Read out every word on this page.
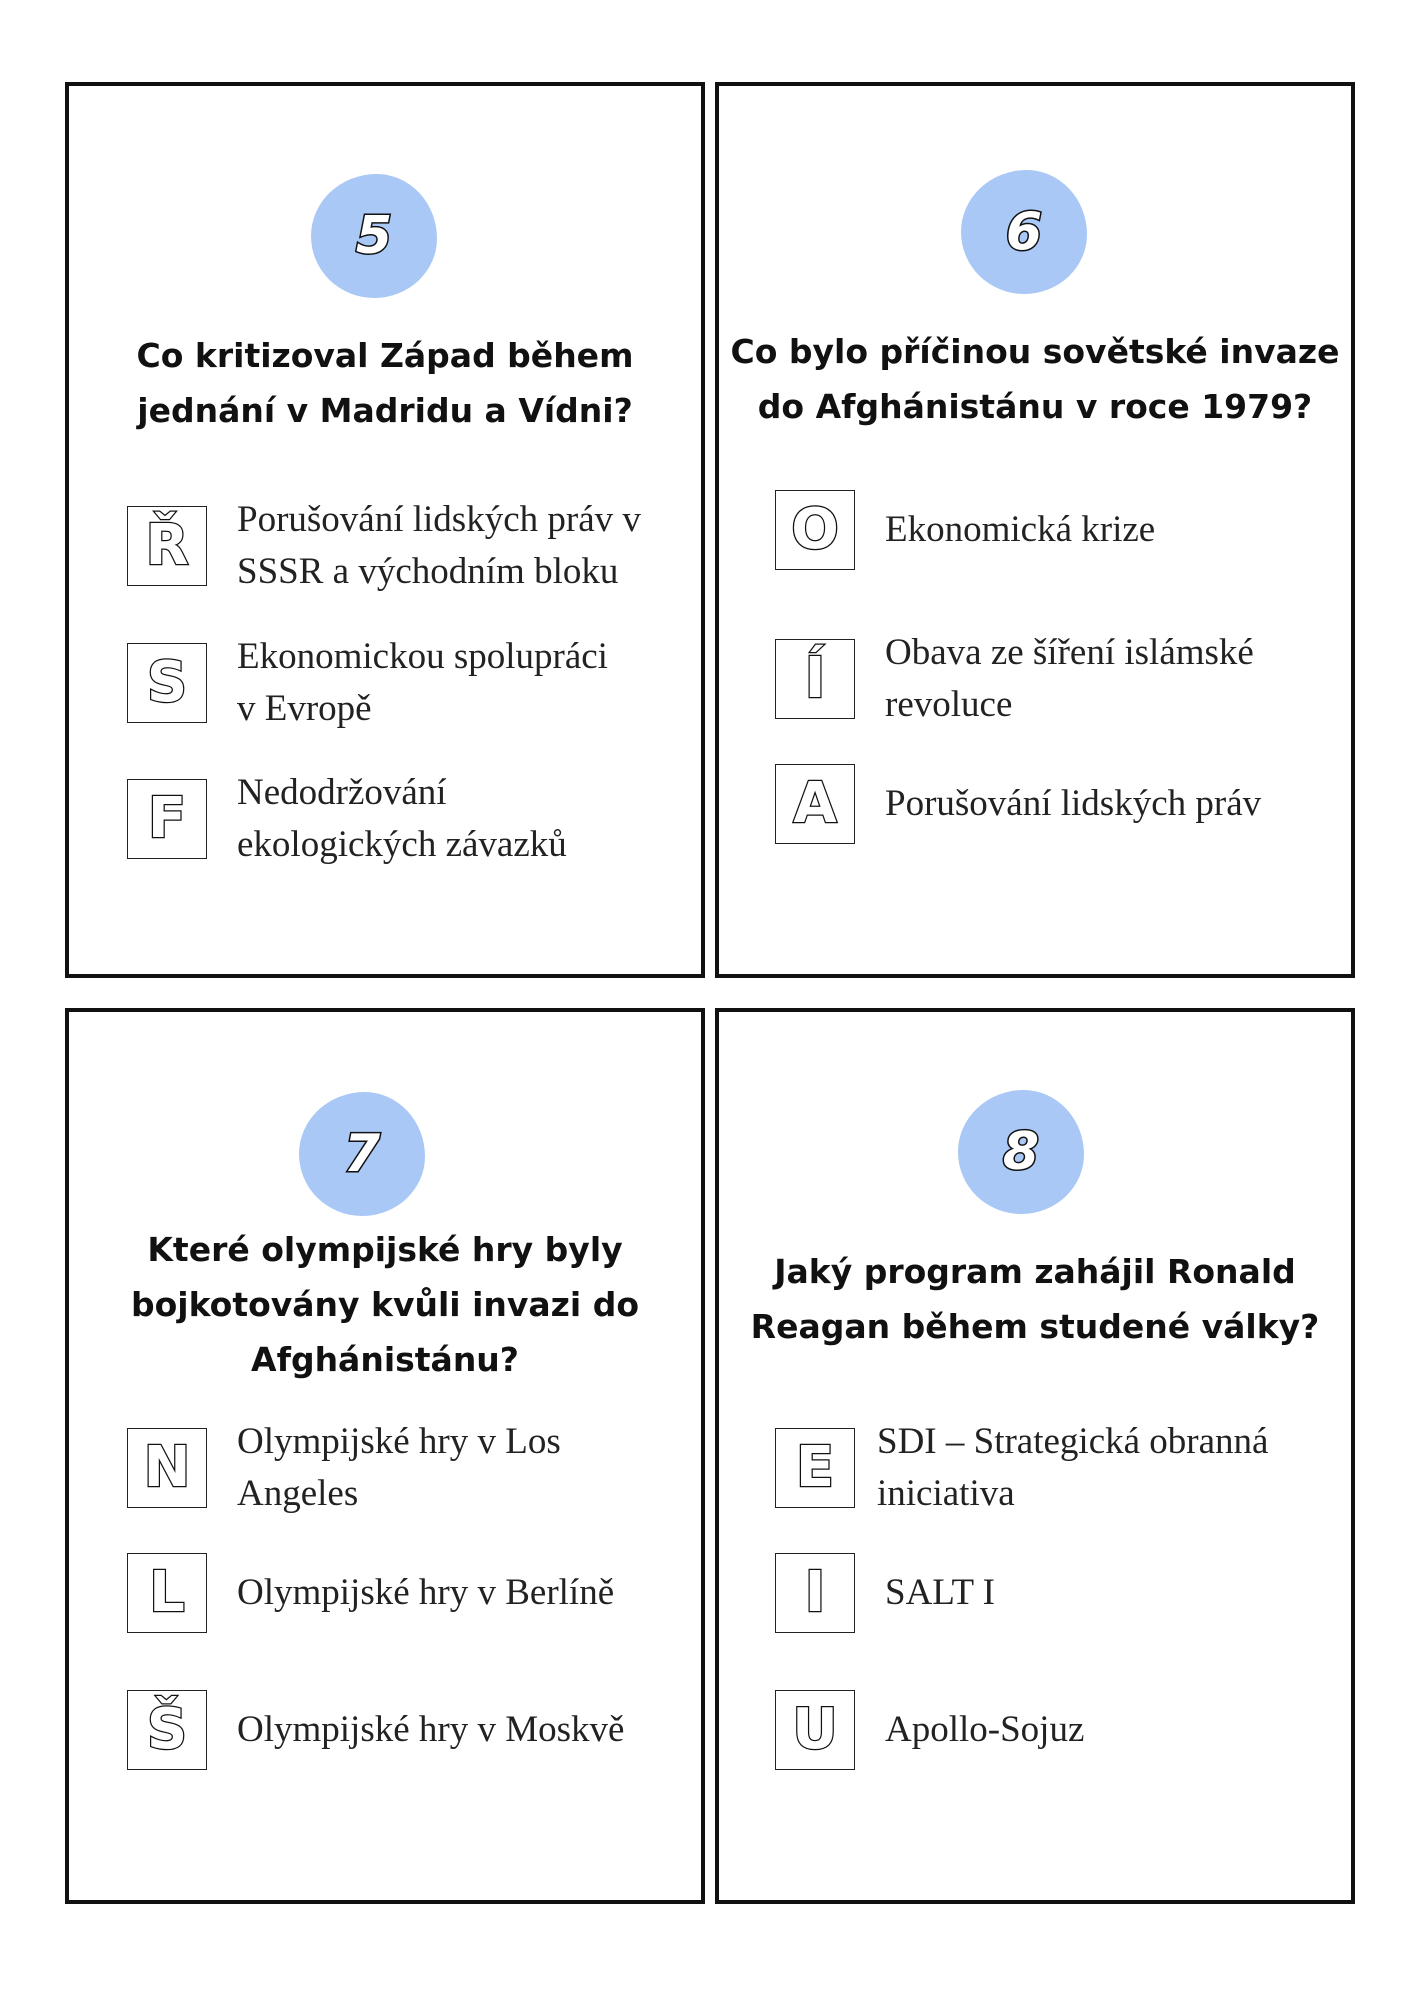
5
Co kritizoval Západ během jednání v Madridu a Vídni?
Ř Porušování lidských práv v SSSR a východním bloku
S Ekonomickou spolupráci v Evropě
F Nedodržování ekologických závazků
6
Co bylo příčinou sovětské invaze do Afghánistánu v roce 1979?
O Ekonomická krize
Í Obava ze šíření islámské revoluce
A Porušování lidských práv
7
Které olympijské hry byly bojkotovány kvůli invazi do Afghánistánu?
N Olympijské hry v Los Angeles
L Olympijské hry v Berlíně
Š Olympijské hry v Moskvě
8
Jaký program zahájil Ronald Reagan během studené války?
E SDI – Strategická obranná iniciativa
I SALT I
U Apollo-Sojuz
